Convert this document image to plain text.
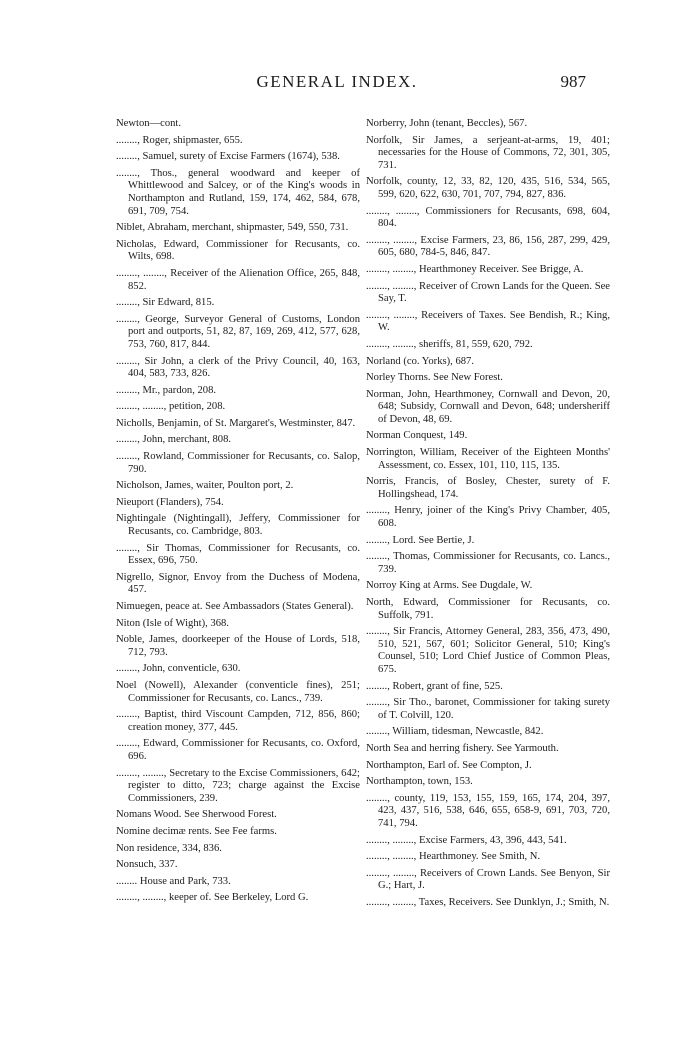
GENERAL INDEX.	987
Newton—cont.
........, Roger, shipmaster, 655.
........, Samuel, surety of Excise Farmers (1674), 538.
........, Thos., general woodward and keeper of Whittlewood and Salcey, or of the King's woods in Northampton and Rutland, 159, 174, 462, 584, 678, 691, 709, 754.
Niblet, Abraham, merchant, shipmaster, 549, 550, 731.
Nicholas, Edward, Commissioner for Recusants, co. Wilts, 698.
........, ........, Receiver of the Alienation Office, 265, 848, 852.
........, Sir Edward, 815.
........, George, Surveyor General of Customs, London port and outports, 51, 82, 87, 169, 269, 412, 577, 628, 753, 760, 817, 844.
........, Sir John, a clerk of the Privy Council, 40, 163, 404, 583, 733, 826.
........, Mr., pardon, 208.
........, ........, petition, 208.
Nicholls, Benjamin, of St. Margaret's, Westminster, 847.
........, John, merchant, 808.
........, Rowland, Commissioner for Recusants, co. Salop, 790.
Nicholson, James, waiter, Poulton port, 2.
Nieuport (Flanders), 754.
Nightingale (Nightingall), Jeffery, Commissioner for Recusants, co. Cambridge, 803.
........, Sir Thomas, Commissioner for Recusants, co. Essex, 696, 750.
Nigrello, Signor, Envoy from the Duchess of Modena, 457.
Nimuegen, peace at. See Ambassadors (States General).
Niton (Isle of Wight), 368.
Noble, James, doorkeeper of the House of Lords, 518, 712, 793.
........, John, conventicle, 630.
Noel (Nowell), Alexander (conventicle fines), 251; Commissioner for Recusants, co. Lancs., 739.
........, Baptist, third Viscount Campden, 712, 856, 860; creation money, 377, 445.
........, Edward, Commissioner for Recusants, co. Oxford, 696.
........, ........, Secretary to the Excise Commissioners, 642; register to ditto, 723; charge against the Excise Commissioners, 239.
Nomans Wood. See Sherwood Forest.
Nomine decimæ rents. See Fee farms.
Non residence, 334, 836.
Nonsuch, 337.
........ House and Park, 733.
........, ........, keeper of. See Berkeley, Lord G.
Norberry, John (tenant, Beccles), 567.
Norfolk, Sir James, a serjeant-at-arms, 19, 401; necessaries for the House of Commons, 72, 301, 305, 731.
Norfolk, county, 12, 33, 82, 120, 435, 516, 534, 565, 599, 620, 622, 630, 701, 707, 794, 827, 836.
........, ........, Commissioners for Recusants, 698, 604, 804.
........, ........, Excise Farmers, 23, 86, 156, 287, 299, 429, 605, 680, 784-5, 846, 847.
........, ........, Hearthmoney Receiver. See Brigge, A.
........, ........, Receiver of Crown Lands for the Queen. See Say, T.
........, ........, Receivers of Taxes. See Bendish, R.; King, W.
........, ........, sheriffs, 81, 559, 620, 792.
Norland (co. Yorks), 687.
Norley Thorns. See New Forest.
Norman, John, Hearthmoney, Cornwall and Devon, 20, 648; Subsidy, Cornwall and Devon, 648; undersheriff of Devon, 48, 69.
Norman Conquest, 149.
Norrington, William, Receiver of the Eighteen Months' Assessment, co. Essex, 101, 110, 115, 135.
Norris, Francis, of Bosley, Chester, surety of F. Hollingshead, 174.
........, Henry, joiner of the King's Privy Chamber, 405, 608.
........, Lord. See Bertie, J.
........, Thomas, Commissioner for Recusants, co. Lancs., 739.
Norroy King at Arms. See Dugdale, W.
North, Edward, Commissioner for Recusants, co. Suffolk, 791.
........, Sir Francis, Attorney General, 283, 356, 473, 490, 510, 521, 567, 601; Solicitor General, 510; King's Counsel, 510; Lord Chief Justice of Common Pleas, 675.
........, Robert, grant of fine, 525.
........, Sir Tho., baronet, Commissioner for taking surety of T. Colvill, 120.
........, William, tidesman, Newcastle, 842.
North Sea and herring fishery. See Yarmouth.
Northampton, Earl of. See Compton, J.
Northampton, town, 153.
........, county, 119, 153, 155, 159, 165, 174, 204, 397, 423, 437, 516, 538, 646, 655, 658-9, 691, 703, 720, 741, 794.
........, ........, Excise Farmers, 43, 396, 443, 541.
........, ........, Hearthmoney. See Smith, N.
........, ........, Receivers of Crown Lands. See Benyon, Sir G.; Hart, J.
........, ........, Taxes, Receivers. See Dunklyn, J.; Smith, N.
